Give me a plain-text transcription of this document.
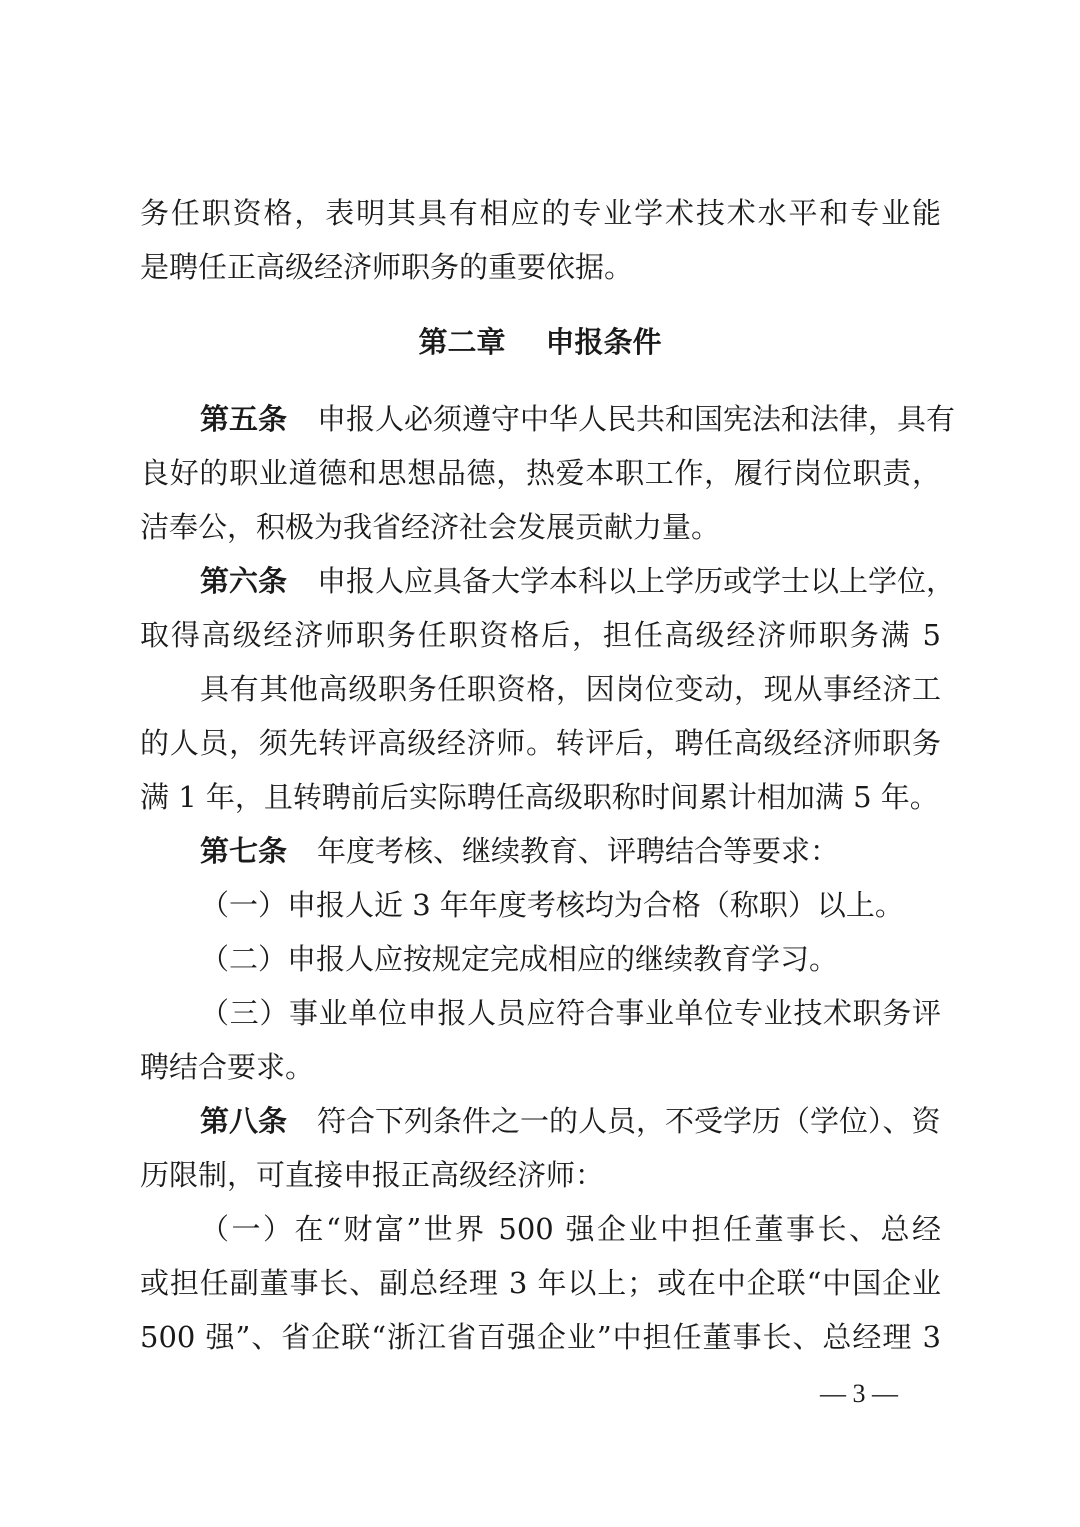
务任职资格，表明其具有相应的专业学术技术水平和专业能
是聘任正高级经济师职务的重要依据。
第二章 申报条件
第五条 申报人必须遵守中华人民共和国宪法和法律，具有
良好的职业道德和思想品德，热爱本职工作，履行岗位职责，
洁奉公，积极为我省经济社会发展贡献力量。
第六条 申报人应具备大学本科以上学历或学士以上学位，
取得高级经济师职务任职资格后，担任高级经济师职务满 5
具有其他高级职务任职资格，因岗位变动，现从事经济工
的人员，须先转评高级经济师。转评后，聘任高级经济师职务
满 1 年，且转聘前后实际聘任高级职称时间累计相加满 5 年。
第七条 年度考核、继续教育、评聘结合等要求：
（一）申报人近 3 年年度考核均为合格（称职）以上。
（二）申报人应按规定完成相应的继续教育学习。
（三）事业单位申报人员应符合事业单位专业技术职务评
聘结合要求。
第八条 符合下列条件之一的人员，不受学历（学位）、资
历限制，可直接申报正高级经济师：
（一）在“财富”世界 500 强企业中担任董事长、总经
或担任副董事长、副总经理 3 年以上；或在中企联“中国企业
500 强”、省企联“浙江省百强企业”中担任董事长、总经理 3
— 3 —
